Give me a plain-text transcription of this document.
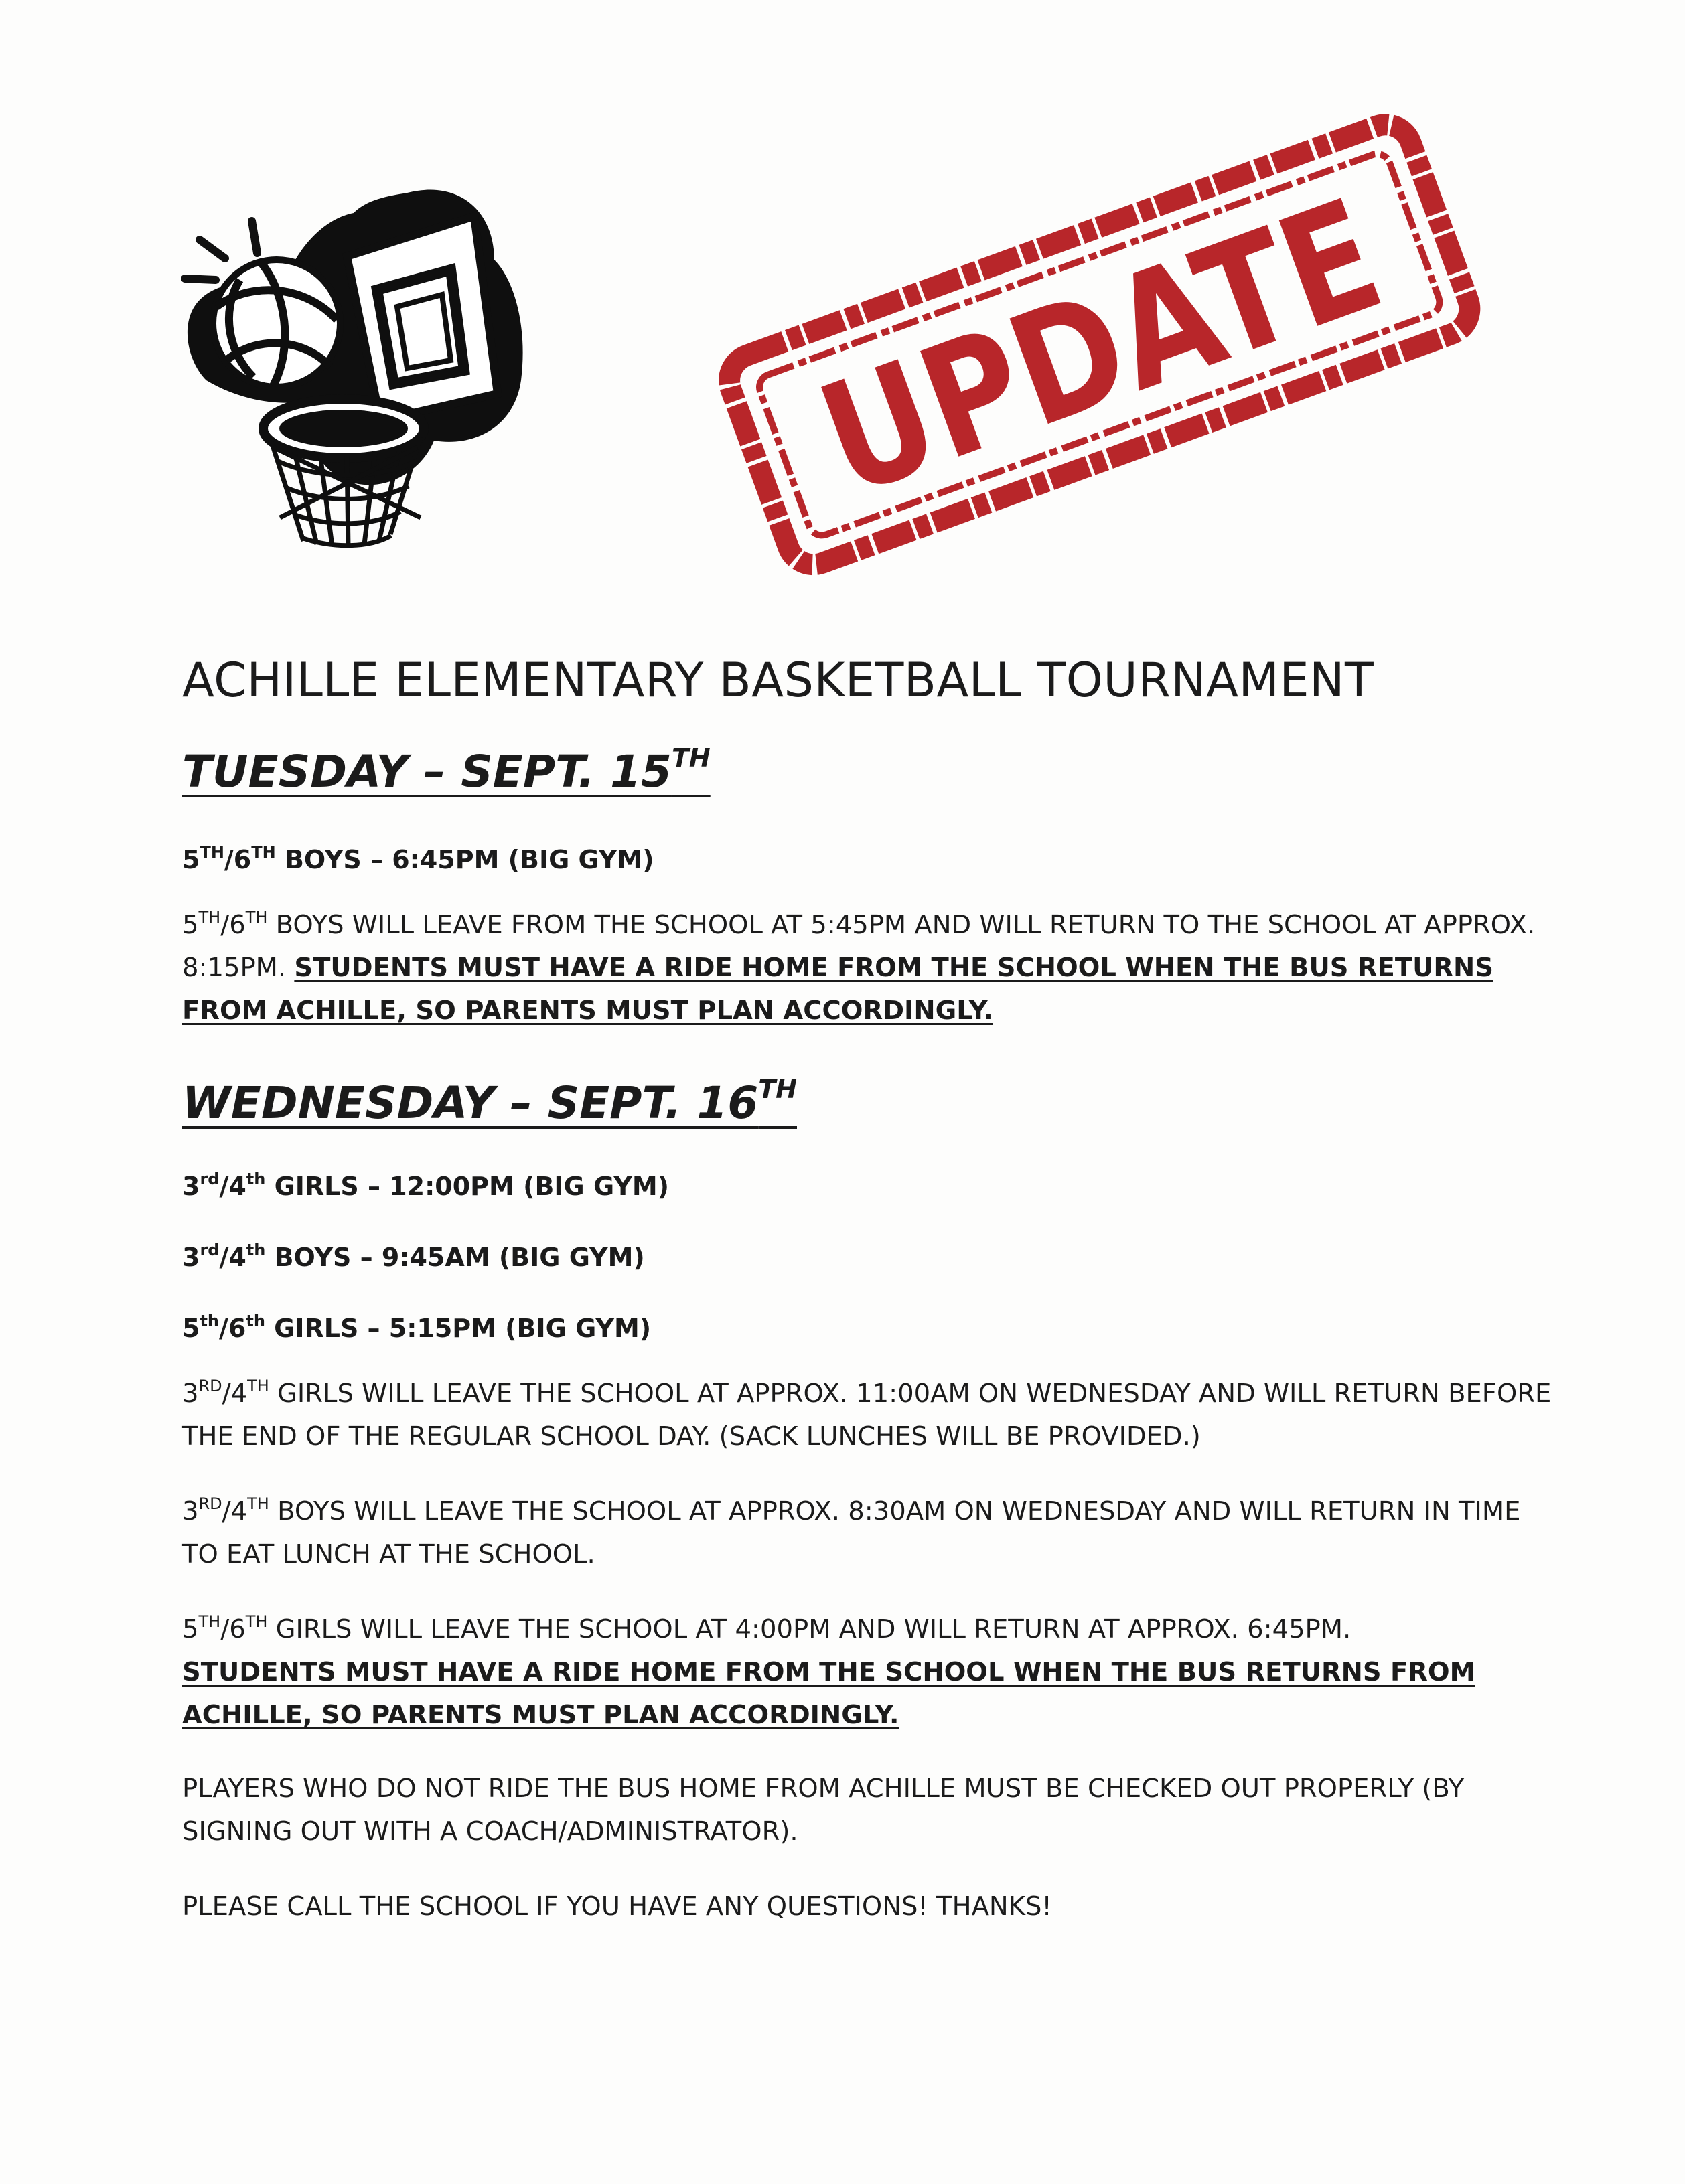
UPDATE
ACHILLE ELEMENTARY BASKETBALL TOURNAMENT
TUESDAY – SEPT. 15TH
5TH/6TH BOYS – 6:45PM (BIG GYM)
5TH/6TH BOYS WILL LEAVE FROM THE SCHOOL AT 5:45PM AND WILL RETURN TO THE SCHOOL AT APPROX. 8:15PM. STUDENTS MUST HAVE A RIDE HOME FROM THE SCHOOL WHEN THE BUS RETURNS FROM ACHILLE, SO PARENTS MUST PLAN ACCORDINGLY.
WEDNESDAY – SEPT. 16TH
3rd/4th GIRLS – 12:00PM (BIG GYM)
3rd/4th BOYS – 9:45AM (BIG GYM)
5th/6th GIRLS – 5:15PM (BIG GYM)
3RD/4TH GIRLS WILL LEAVE THE SCHOOL AT APPROX. 11:00AM ON WEDNESDAY AND WILL RETURN BEFORE THE END OF THE REGULAR SCHOOL DAY. (SACK LUNCHES WILL BE PROVIDED.)
3RD/4TH BOYS WILL LEAVE THE SCHOOL AT APPROX. 8:30AM ON WEDNESDAY AND WILL RETURN IN TIME TO EAT LUNCH AT THE SCHOOL.
5TH/6TH GIRLS WILL LEAVE THE SCHOOL AT 4:00PM AND WILL RETURN AT APPROX. 6:45PM.
STUDENTS MUST HAVE A RIDE HOME FROM THE SCHOOL WHEN THE BUS RETURNS FROM ACHILLE, SO PARENTS MUST PLAN ACCORDINGLY.
PLAYERS WHO DO NOT RIDE THE BUS HOME FROM ACHILLE MUST BE CHECKED OUT PROPERLY (BY SIGNING OUT WITH A COACH/ADMINISTRATOR).
PLEASE CALL THE SCHOOL IF YOU HAVE ANY QUESTIONS! THANKS!
